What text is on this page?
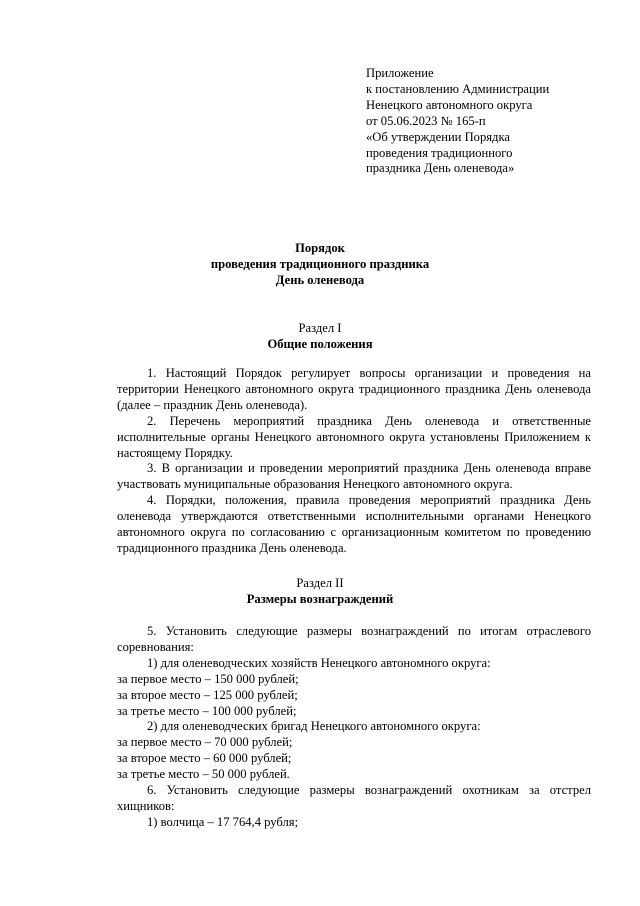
Приложение
к постановлению Администрации
Ненецкого автономного округа
от 05.06.2023 № 165-п
«Об утверждении Порядка
проведения традиционного
праздника День оленевода»
Порядок
проведения традиционного праздника
День оленевода
Раздел I
Общие положения

1. Настоящий Порядок регулирует вопросы организации и проведения на территории Ненецкого автономного округа традиционного праздника День оленевода (далее – праздник День оленевода).

2. Перечень мероприятий праздника День оленевода и ответственные исполнительные органы Ненецкого автономного округа установлены Приложением к настоящему Порядку.

3. В организации и проведении мероприятий праздника День оленевода вправе участвовать муниципальные образования Ненецкого автономного округа.

4. Порядки, положения, правила проведения мероприятий праздника День оленевода утверждаются ответственными исполнительными органами Ненецкого автономного округа по согласованию с организационным комитетом по проведению традиционного праздника День оленевода.

Раздел II
Размеры вознаграждений

5. Установить следующие размеры вознаграждений по итогам отраслевого соревнования:

1) для оленеводческих хозяйств Ненецкого автономного округа:

за первое место – 150 000 рублей;

за второе место – 125 000 рублей;

за третье место – 100 000 рублей;

2) для оленеводческих бригад Ненецкого автономного округа:

за первое место – 70 000 рублей;

за второе место – 60 000 рублей;

за третье место – 50 000 рублей.

6. Установить следующие размеры вознаграждений охотникам за отстрел хищников:

1) волчица – 17 764,4 рубля;
